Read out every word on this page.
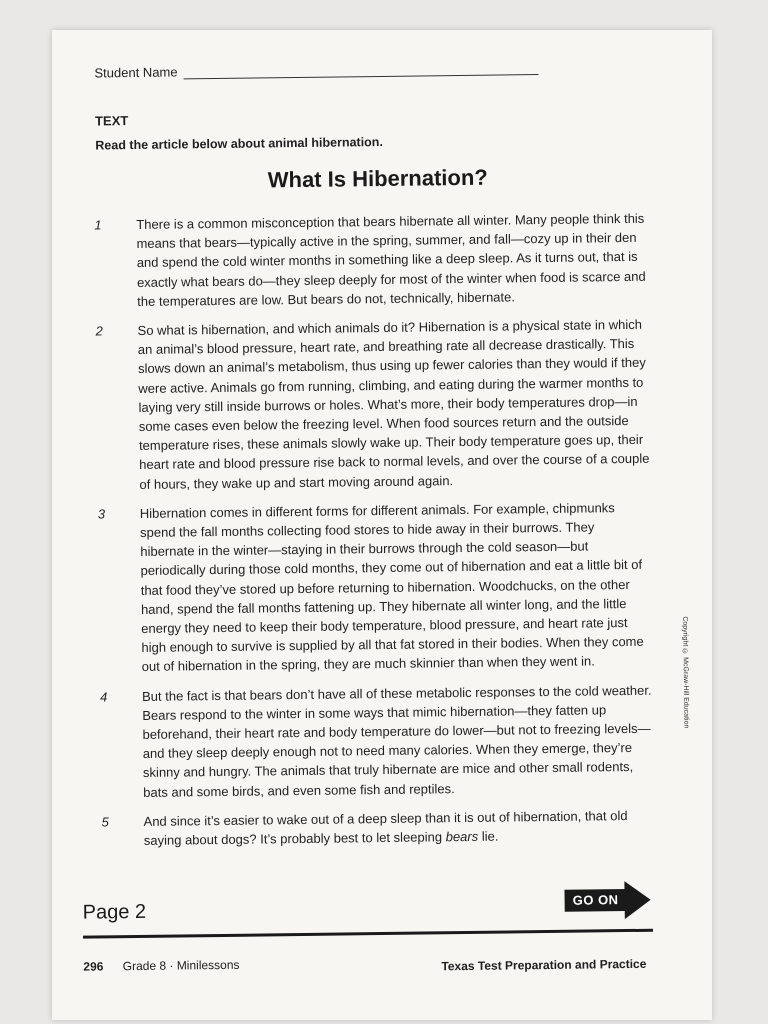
Student Name
TEXT
Read the article below about animal hibernation.
What Is Hibernation?
1	There is a common misconception that bears hibernate all winter. Many people think this means that bears—typically active in the spring, summer, and fall—cozy up in their den and spend the cold winter months in something like a deep sleep. As it turns out, that is exactly what bears do—they sleep deeply for most of the winter when food is scarce and the temperatures are low. But bears do not, technically, hibernate.
2	So what is hibernation, and which animals do it? Hibernation is a physical state in which an animal’s blood pressure, heart rate, and breathing rate all decrease drastically. This slows down an animal’s metabolism, thus using up fewer calories than they would if they were active. Animals go from running, climbing, and eating during the warmer months to laying very still inside burrows or holes. What’s more, their body temperatures drop—in some cases even below the freezing level. When food sources return and the outside temperature rises, these animals slowly wake up. Their body temperature goes up, their heart rate and blood pressure rise back to normal levels, and over the course of a couple of hours, they wake up and start moving around again.
3	Hibernation comes in different forms for different animals. For example, chipmunks spend the fall months collecting food stores to hide away in their burrows. They hibernate in the winter—staying in their burrows through the cold season—but periodically during those cold months, they come out of hibernation and eat a little bit of that food they’ve stored up before returning to hibernation. Woodchucks, on the other hand, spend the fall months fattening up. They hibernate all winter long, and the little energy they need to keep their body temperature, blood pressure, and heart rate just high enough to survive is supplied by all that fat stored in their bodies. When they come out of hibernation in the spring, they are much skinnier than when they went in.
4	But the fact is that bears don’t have all of these metabolic responses to the cold weather. Bears respond to the winter in some ways that mimic hibernation—they fatten up beforehand, their heart rate and body temperature do lower—but not to freezing levels—and they sleep deeply enough not to need many calories. When they emerge, they’re skinny and hungry. The animals that truly hibernate are mice and other small rodents, bats and some birds, and even some fish and reptiles.
5	And since it’s easier to wake out of a deep sleep than it is out of hibernation, that old saying about dogs? It’s probably best to let sleeping bears lie.
Copyright © McGraw-Hill Education
Page 2
GO ON
296 Grade 8 · Minilessons	Texas Test Preparation and Practice
